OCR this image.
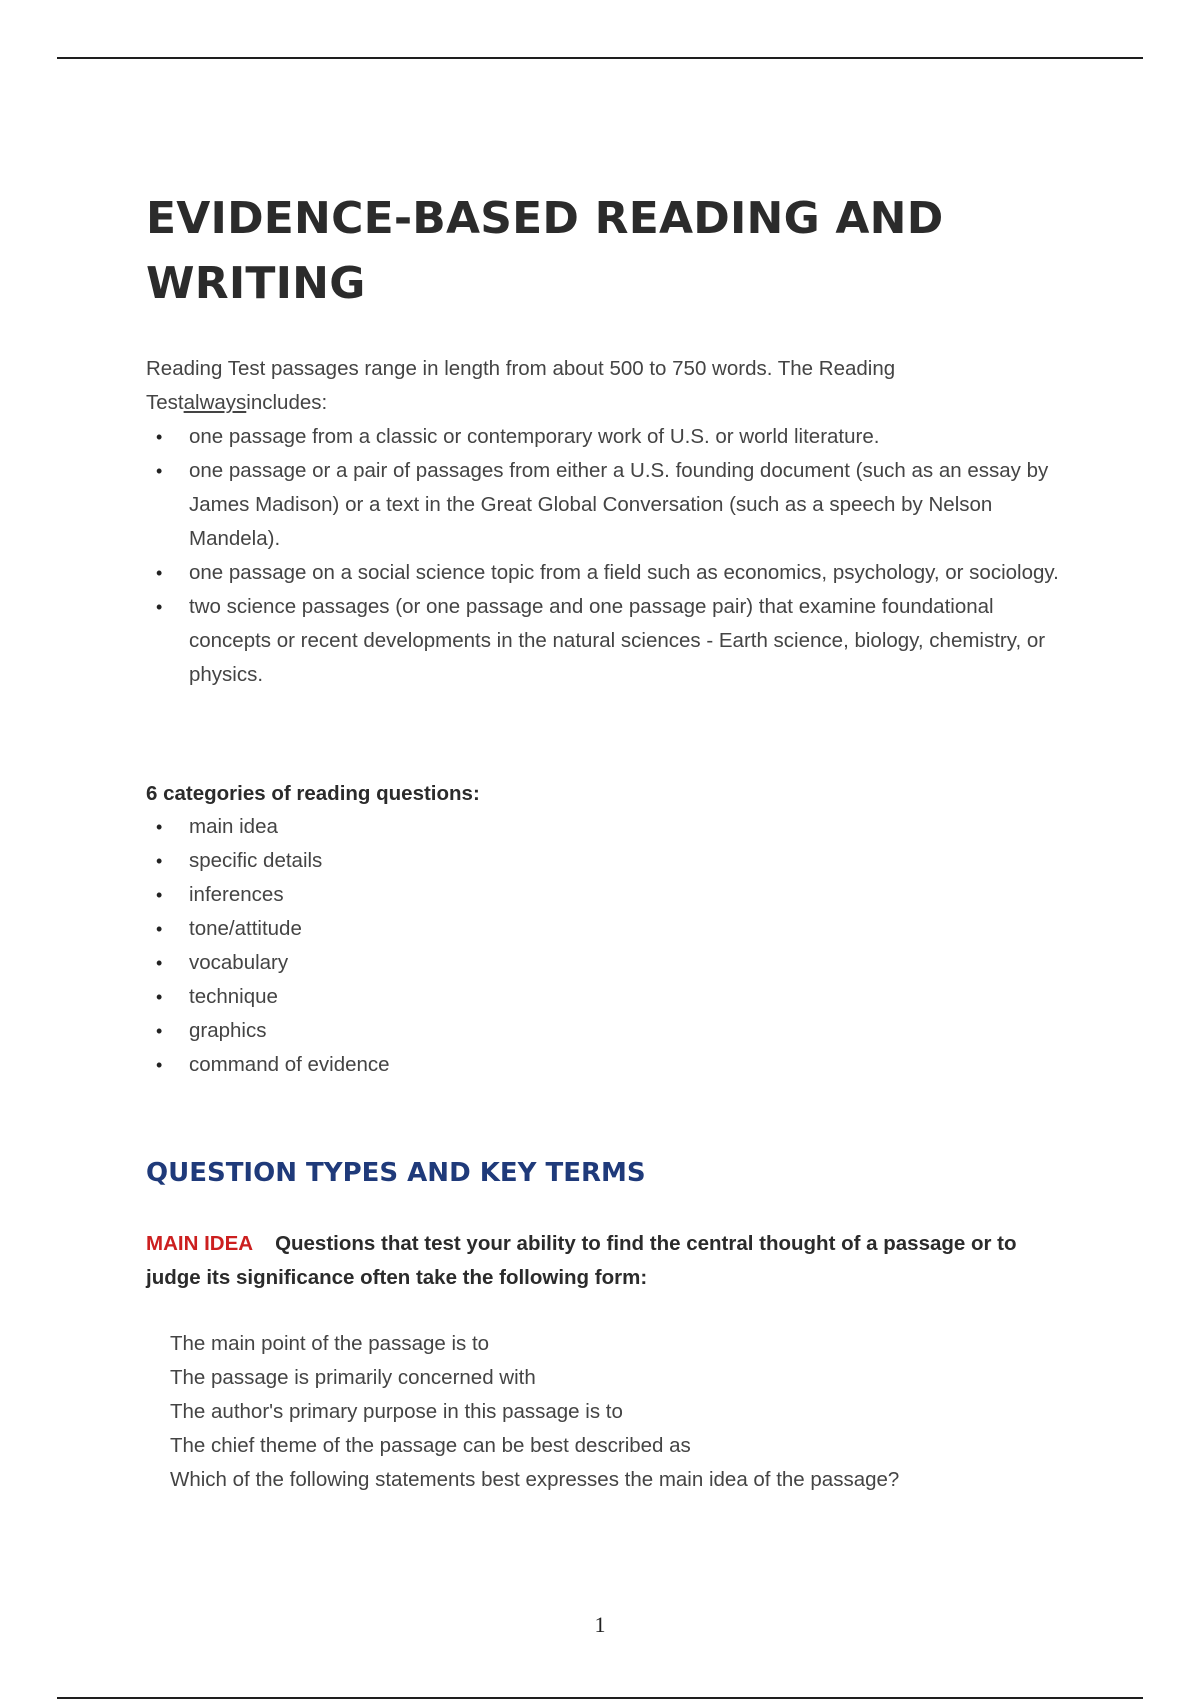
EVIDENCE-BASED READING AND WRITING
Reading Test passages range in length from about 500 to 750 words. The Reading Testalwaysincludes:
• one passage from a classic or contemporary work of U.S. or world literature.
• one passage or a pair of passages from either a U.S. founding document (such as an essay by James Madison) or a text in the Great Global Conversation (such as a speech by Nelson Mandela).
• one passage on a social science topic from a field such as economics, psychology, or sociology.
• two science passages (or one passage and one passage pair) that examine foundational concepts or recent developments in the natural sciences - Earth science, biology, chemistry, or physics.
6 categories of reading questions:
• main idea
• specific details
• inferences
• tone/attitude
• vocabulary
• technique
• graphics
• command of evidence
QUESTION TYPES AND KEY TERMS
MAIN IDEA Questions that test your ability to find the central thought of a passage or to judge its significance often take the following form:
The main point of the passage is to
The passage is primarily concerned with
The author's primary purpose in this passage is to
The chief theme of the passage can be best described as
Which of the following statements best expresses the main idea of the passage?
1
